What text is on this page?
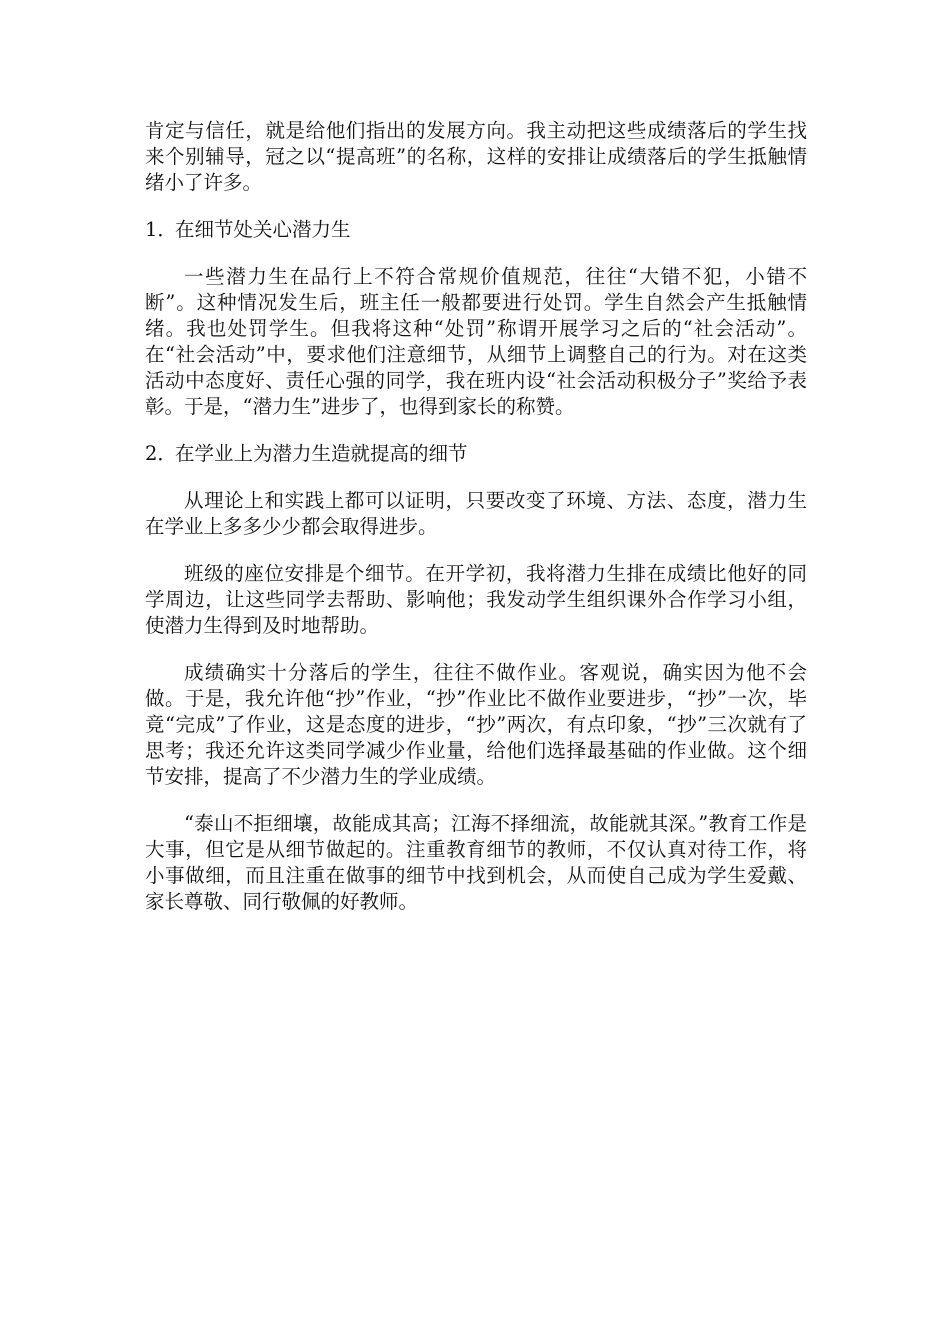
肯定与信任，就是给他们指出的发展方向。我主动把这些成绩落后的学生找来个别辅导，冠之以“提高班”的名称，这样的安排让成绩落后的学生抵触情绪小了许多。

1．在细节处关心潜力生

一些潜力生在品行上不符合常规价值规范，往往“大错不犯，小错不断”。这种情况发生后，班主任一般都要进行处罚。学生自然会产生抵触情绪。我也处罚学生。但我将这种“处罚”称谓开展学习之后的“社会活动”。在“社会活动”中，要求他们注意细节，从细节上调整自己的行为。对在这类活动中态度好、责任心强的同学，我在班内设“社会活动积极分子”奖给予表彰。于是，“潜力生”进步了，也得到家长的称赞。

2．在学业上为潜力生造就提高的细节

从理论上和实践上都可以证明，只要改变了环境、方法、态度，潜力生在学业上多多少少都会取得进步。

班级的座位安排是个细节。在开学初，我将潜力生排在成绩比他好的同学周边，让这些同学去帮助、影响他；我发动学生组织课外合作学习小组，使潜力生得到及时地帮助。

成绩确实十分落后的学生，往往不做作业。客观说，确实因为他不会做。于是，我允许他“抄”作业，“抄”作业比不做作业要进步，“抄”一次，毕竟“完成”了作业，这是态度的进步，“抄”两次，有点印象，“抄”三次就有了思考；我还允许这类同学减少作业量，给他们选择最基础的作业做。这个细节安排，提高了不少潜力生的学业成绩。

“泰山不拒细壤，故能成其高；江海不择细流，故能就其深。”教育工作是大事，但它是从细节做起的。注重教育细节的教师，不仅认真对待工作，将小事做细，而且注重在做事的细节中找到机会，从而使自己成为学生爱戴、家长尊敬、同行敬佩的好教师。
